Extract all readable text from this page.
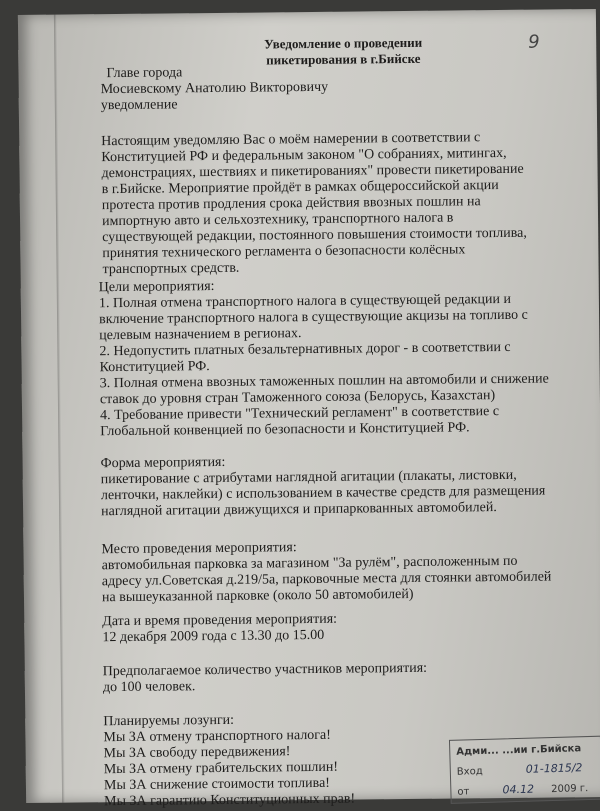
Уведомление о проведении
пикетирования в г.Бийске
9
Главе города
Мосиевскому Анатолию Викторовичу
уведомление

Настоящим уведомляю Вас о моём намерении в соответствии с Конституцией РФ и федеральным законом "О собраниях, митингах, демонстрациях, шествиях и пикетированиях" провести пикетирование в г.Бийске. Мероприятие пройдёт в рамках общероссийской акции протеста против продления срока действия ввозных пошлин на импортную авто и сельхозтехнику, транспортного налога в существующей редакции, постоянного повышения стоимости топлива, принятия технического регламента о безопасности колёсных транспортных средств.

Цели мероприятия:

1. Полная отмена транспортного налога в существующей редакции и включение транспортного налога в существующие акцизы на топливо с целевым назначением в регионах.

2. Недопустить платных безальтернативных дорог - в соответствии с Конституцией РФ.

3. Полная отмена ввозных таможенных пошлин на автомобили и снижение ставок до уровня стран Таможенного союза (Белорусь, Казахстан)

4. Требование привести "Технический регламент" в соответствие с Глобальной конвенцией по безопасности и Конституцией РФ.

Форма мероприятия:

пикетирование с атрибутами наглядной агитации (плакаты, листовки, ленточки, наклейки) с использованием в качестве средств для размещения наглядной агитации движущихся и припаркованных автомобилей.

Место проведения мероприятия:

автомобильная парковка за магазином "За рулём", расположенным по адресу ул.Советская д.219/5а, парковочные места для стоянки автомобилей на вышеуказанной парковке (около 50 автомобилей)

Дата и время проведения мероприятия:

12 декабря 2009 года с 13.30 до 15.00

Предполагаемое количество участников мероприятия:

до 100 человек.

Планируемы лозунги:

Мы ЗА отмену транспортного налога!

Мы ЗА свободу передвижения!

Мы ЗА отмену грабительских пошлин!

Мы ЗА снижение стоимости топлива!

Мы ЗА гарантию Конституционных прав!

Адми... ...ии г.Бийска
Вход	01-1815/2
от	04.12 2009 г.
